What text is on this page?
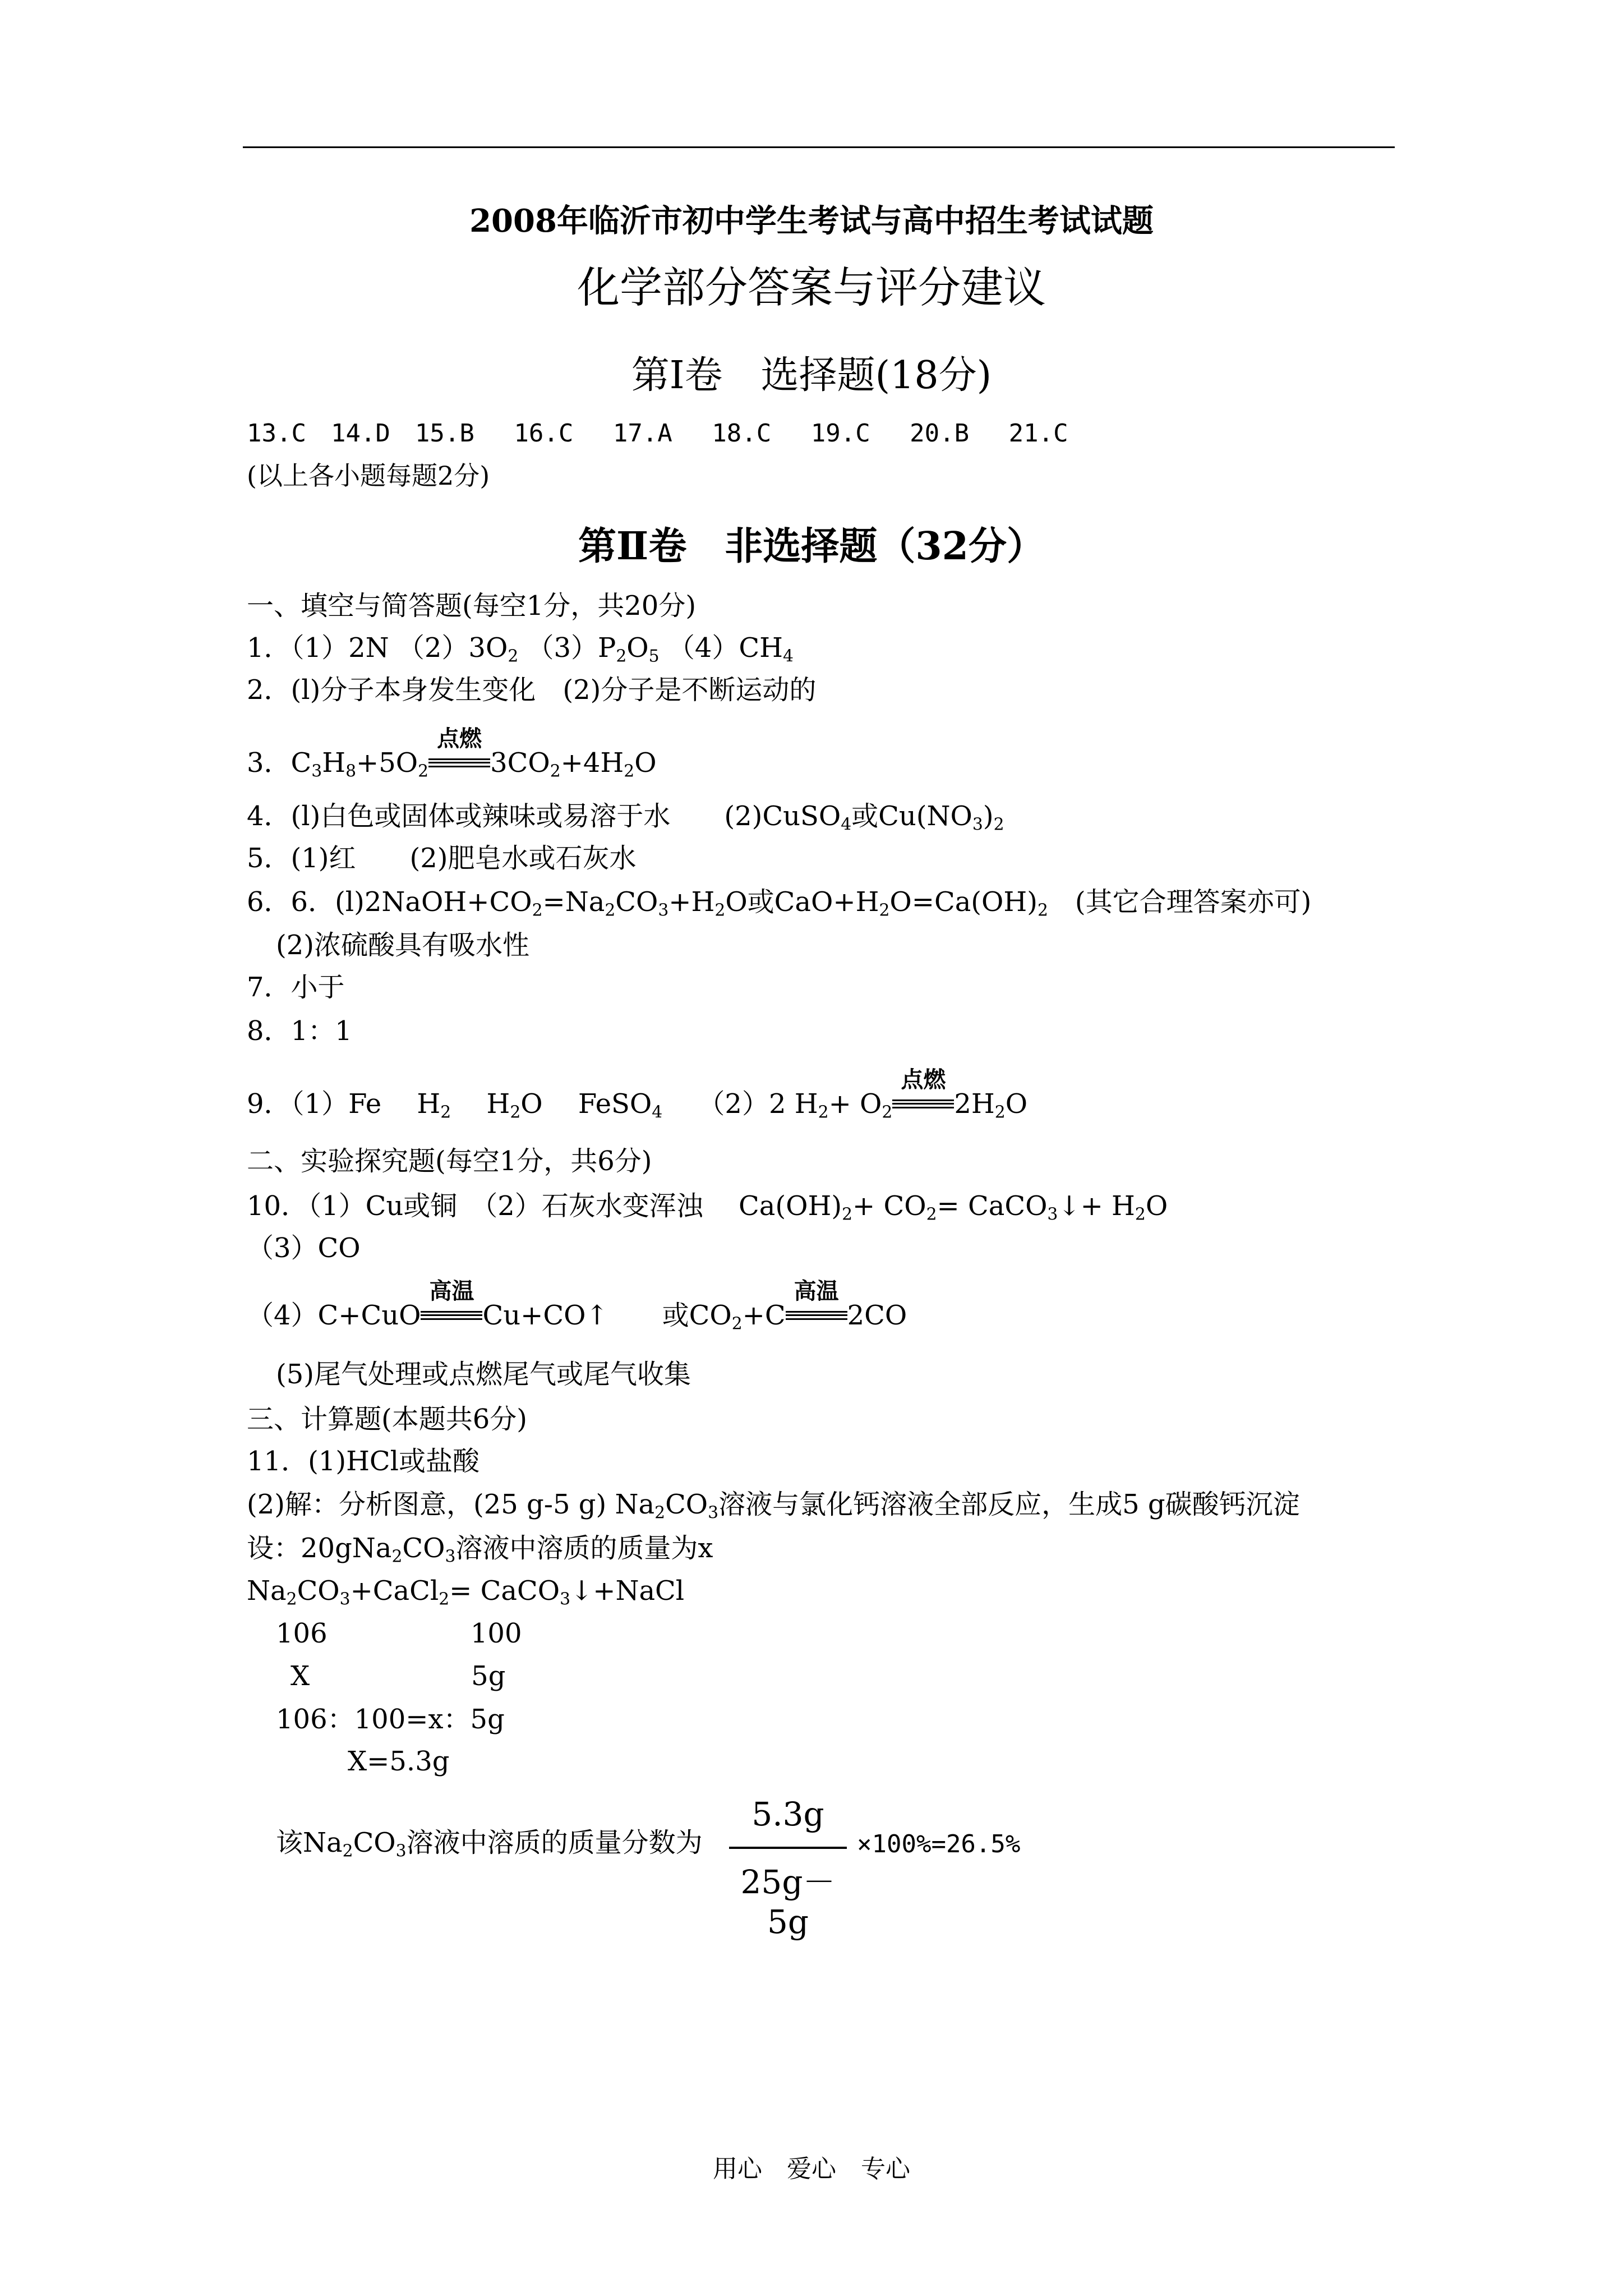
2008年临沂市初中学生考试与高中招生考试试题
化学部分答案与评分建议
第Ⅰ卷　选择题(18分)
13.C　14.D　15.B　 16.C　 17.A　 18.C　 19.C　 20.B　 21.C
(以上各小题每题2分)
第Ⅱ卷　非选择题（32分）
一、填空与简答题(每空1分，共20分)
1．（1）2N $(2)3O_2$ $(3)P_2O_5$ $(4)CH_4$
2．(l)分子本身发生变化　(2)分子是不断运动的
3．$C_3H_8+5O_2$
点燃
$3CO_2+4H_2O$
4．(l)白色或固体或辣味或易溶于水　　(2)CuSO$_4$或$Cu(NO_3)_2$
5．(1)红　　(2)肥皂水或石灰水
6．6．$(l)2NaOH+CO_2=Na_2CO_3+H_2O$或$CaO+H_2O=Ca(OH)_2$　(其它合理答案亦可)
(2)浓硫酸具有吸水性
7．小于
8．1：1
9．（1）Fe　 $H_2$　 $H_2O$　 FeSO$_4$　 （2）2 $H_2+ O_2$
点燃
$2H_2O$
二、实验探究题(每空1分，共6分)
10．（1）Cu或铜　（2）石灰水变浑浊　 $Ca(OH)_2+ CO_2=$ CaCO$_3$↓+ $H_2O$
（3）CO
（4）C+CuO
高温
Cu+CO↑　　或$CO_2+C$
高温
2CO
(5)尾气处理或点燃尾气或尾气收集
三、计算题(本题共6分)
11．(1)HCl或盐酸
(2)解：分析图意，(25 g-5 g) $Na_2CO_3$溶液与氯化钙溶液全部反应，生成5 g碳酸钙沉淀
设：$20gNa_2CO_3$溶液中溶质的质量为x
$Na_2CO_3+CaCl_2=$ CaCO$_3$↓+NaCl
106　　　　　 100
X　　　　　　5g
106：100=x：5g
X=5.3g
该$Na_2CO_3$溶液中溶质的质量分数为
5.3g
25g－5g
×100%=26.5%
用心　爱心　专心
